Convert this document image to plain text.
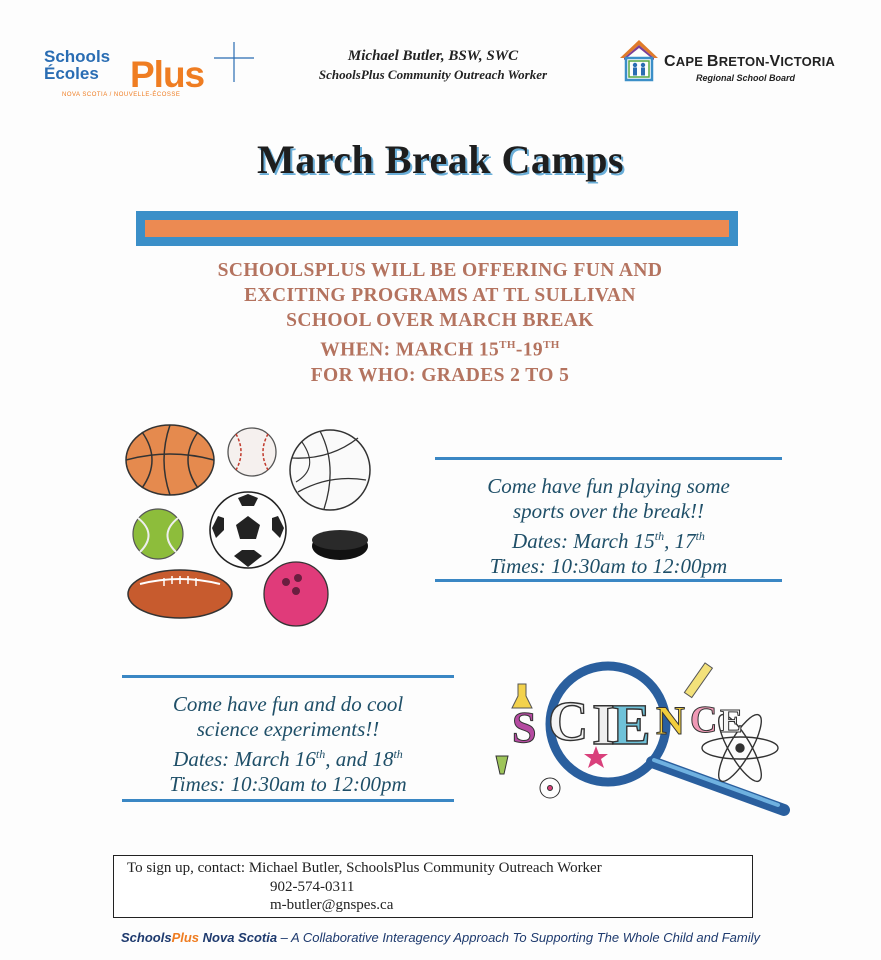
Schools
Écoles Plus
NOVA SCOTIA / NOUVELLE-ÉCOSSE
Michael Butler, BSW, SWC
SchoolsPlus Community Outreach Worker
CAPE BRETON-VICTORIA
Regional School Board
March Break Camps
SCHOOLSPLUS WILL BE OFFERING FUN AND
EXCITING PROGRAMS AT TL SULLIVAN
SCHOOL OVER MARCH BREAK
WHEN: MARCH 15TH-19TH
FOR WHO: GRADES 2 TO 5
Come have fun playing some
sports over the break!!
Dates: March 15th, 17th
Times: 10:30am to 12:00pm
Come have fun and do cool
science experiments!!
Dates: March 16th, and 18th
Times: 10:30am to 12:00pm
S C I
E N C E
To sign up, contact: Michael Butler, SchoolsPlus Community Outreach Worker
902-574-0311
m-butler@gnspes.ca
SchoolsPlus Nova Scotia – A Collaborative Interagency Approach To Supporting The Whole Child and Family
